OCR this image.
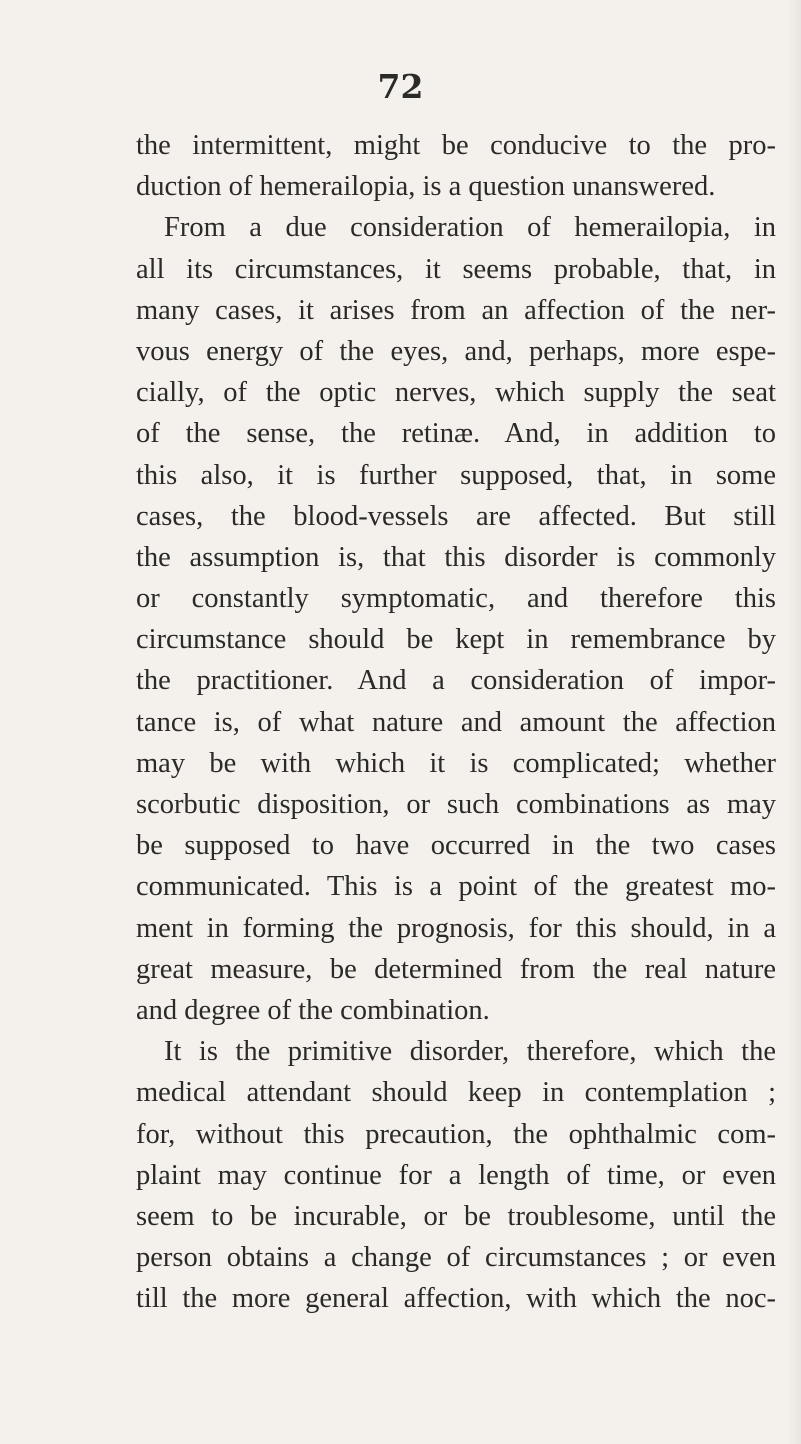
72
the intermittent, might be conducive to the pro-
duction of hemerailopia, is a question unanswered.
From a due consideration of hemerailopia, in
all its circumstances, it seems probable, that, in
many cases, it arises from an affection of the ner-
vous energy of the eyes, and, perhaps, more espe-
cially, of the optic nerves, which supply the seat
of the sense, the retinæ. And, in addition to
this also, it is further supposed, that, in some
cases, the blood-vessels are affected. But still
the assumption is, that this disorder is commonly
or constantly symptomatic, and therefore this
circumstance should be kept in remembrance by
the practitioner. And a consideration of impor-
tance is, of what nature and amount the affection
may be with which it is complicated; whether
scorbutic disposition, or such combinations as may
be supposed to have occurred in the two cases
communicated. This is a point of the greatest mo-
ment in forming the prognosis, for this should, in a
great measure, be determined from the real nature
and degree of the combination.
It is the primitive disorder, therefore, which the
medical attendant should keep in contemplation ;
for, without this precaution, the ophthalmic com-
plaint may continue for a length of time, or even
seem to be incurable, or be troublesome, until the
person obtains a change of circumstances ; or even
till the more general affection, with which the noc-
